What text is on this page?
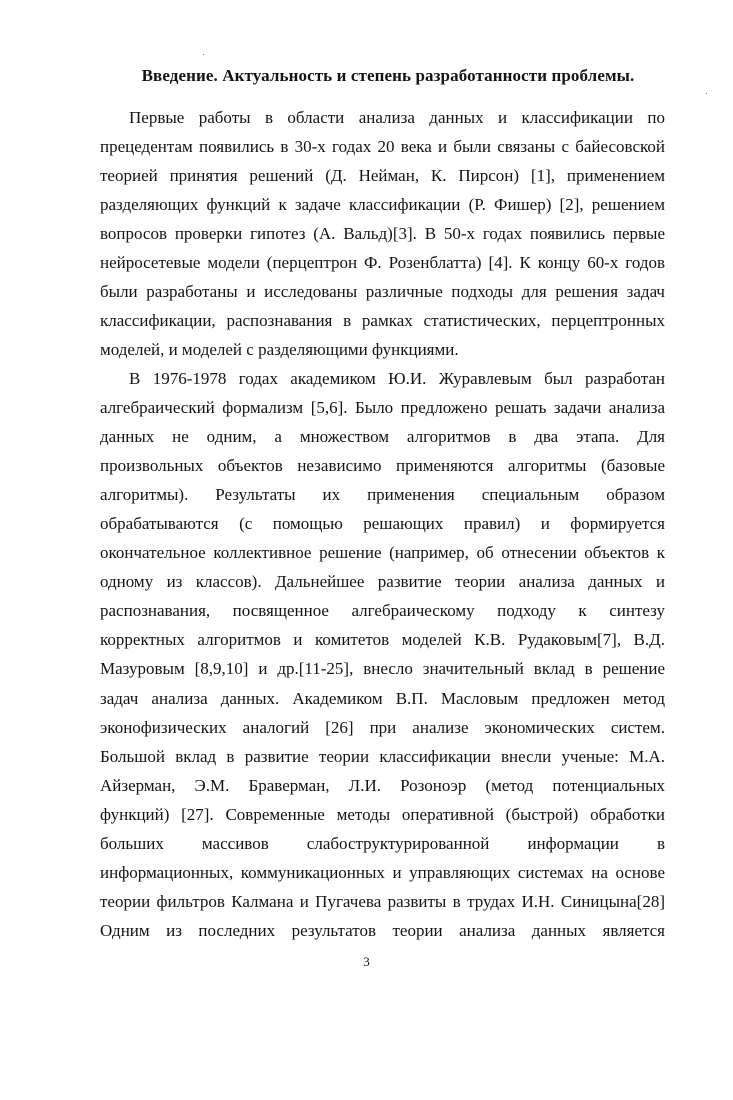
Введение. Актуальность и степень разработанности проблемы.
Первые работы в области анализа данных и классификации по
прецедентам появились в 30-х годах 20 века и были связаны с байесовской
теорией принятия решений (Д. Нейман, К. Пирсон) [1], применением
разделяющих функций к задаче классификации (Р. Фишер) [2], решением
вопросов проверки гипотез (А. Вальд)[3]. В 50-х годах появились первые
нейросетевые модели (перцептрон Ф. Розенблатта) [4]. К концу 60-х годов
были разработаны и исследованы различные подходы для решения задач
классификации, распознавания в рамках статистических, перцептронных
моделей, и моделей с разделяющими функциями.
В 1976-1978 годах академиком Ю.И. Журавлевым был разработан
алгебраический формализм [5,6]. Было предложено решать задачи анализа
данных не одним, а множеством алгоритмов в два этапа. Для
произвольных объектов независимо применяются алгоритмы (базовые
алгоритмы). Результаты их применения специальным образом
обрабатываются (с помощью решающих правил) и формируется
окончательное коллективное решение (например, об отнесении объектов к
одному из классов). Дальнейшее развитие теории анализа данных и
распознавания, посвященное алгебраическому подходу к синтезу
корректных алгоритмов и комитетов моделей К.В. Рудаковым[7], В.Д.
Мазуровым [8,9,10] и др.[11-25], внесло значительный вклад в решение
задач анализа данных. Академиком В.П. Масловым предложен метод
эконофизических аналогий [26] при анализе экономических систем.
Большой вклад в развитие теории классификации внесли ученые: М.А.
Айзерман, Э.М. Браверман, Л.И. Розоноэр (метод потенциальных
функций) [27]. Современные методы оперативной (быстрой) обработки
больших массивов слабоструктурированной информации в
информационных, коммуникационных и управляющих системах на основе
теории фильтров Калмана и Пугачева развиты в трудах И.Н. Синицына[28]
Одним из последних результатов теории анализа данных является
3
